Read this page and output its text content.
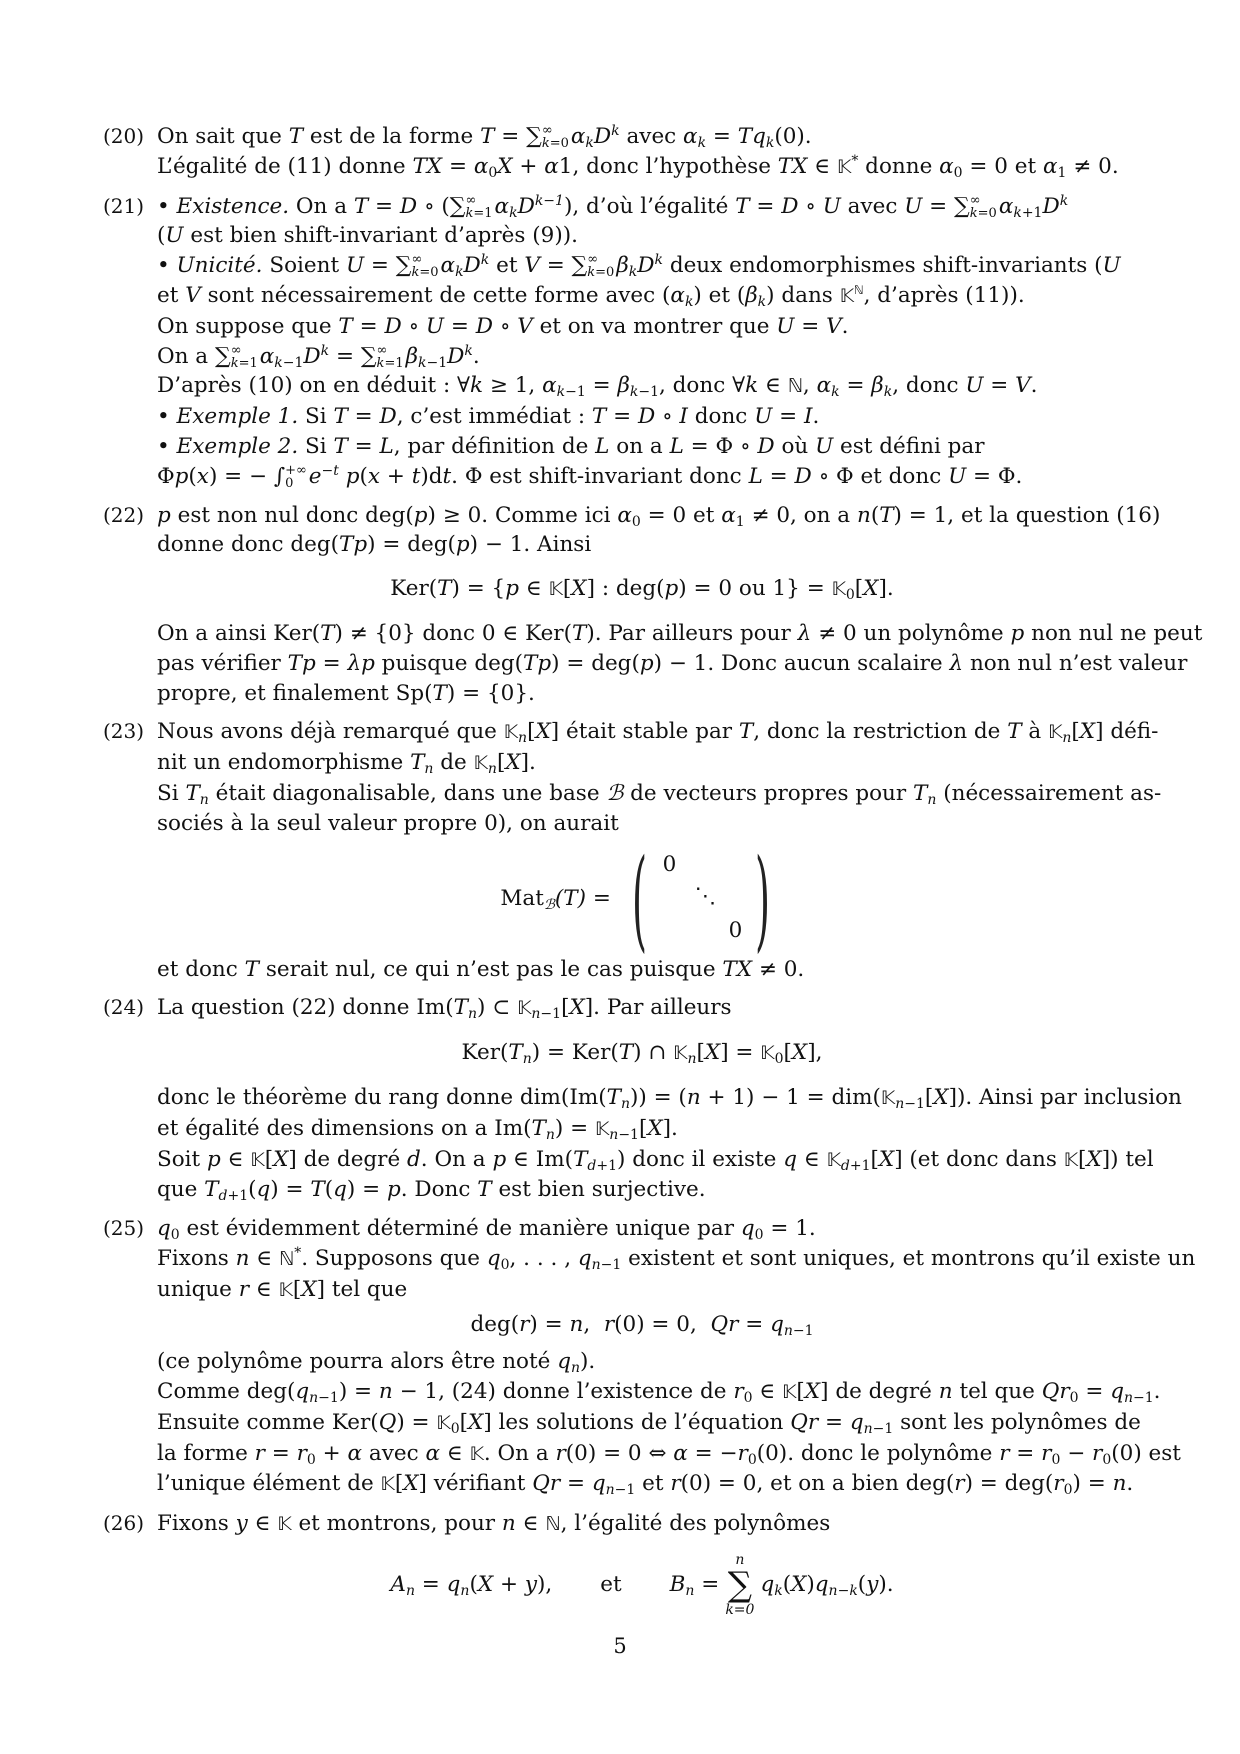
(20) On sait que T est de la forme T = ∑∞
$k=0\alpha_kD^k$ avec $\alpha_k = Tq_k(0)$.
L’égalité de (11) donne TX = $\alpha_0X + \alpha 1$, donc l’hypothèse TX ∈ 𝕂* donne $\alpha_0 = 0$ et $\alpha_1 \ne 0$.
(21) • Existence. On a T = D ∘ (∑∞
$k=1\alpha_kD^{k-1}$), d’où l’égalité T = D ∘ U avec U = ∑∞
$k=0\alpha_{k+1}D^k$
(U est bien shift-invariant d’après (9)).
• Unicité. Soient U = ∑∞
$k=0\alpha_kD^k$ et V = ∑∞
$k=0\beta_kD^k$ deux endomorphismes shift-invariants (U
et V sont nécessairement de cette forme avec $(\alpha_k)$ et $(\beta_k)$ dans 𝕂$^ℕ$, d’après (11)).
On suppose que T = D ∘ U = D ∘ V et on va montrer que U = V.
On a ∑∞
$k=1\alpha_{k-1}D^k$ = ∑∞
$k=1\beta_{k-1}D^k$.
D’après (10) on en déduit : ∀k ≥ 1, $\alpha_{k-1} = \beta_{k-1}$, donc ∀k ∈ ℕ, $\alpha_k = \beta_k$, donc U = V.
• Exemple 1. Si T = D, c’est immédiat : T = D ∘ I donc U = I.
• Exemple 2. Si T = L, par définition de L on a L = Φ ∘ D où U est défini par
Φp(x) = − ∫+∞
0 $e^{-t}$ p(x + t)dt. Φ est shift-invariant donc L = D ∘ Φ et donc U = Φ.
(22) p est non nul donc deg(p) ≥ 0. Comme ici $\alpha_0 = 0$ et $\alpha_1 \ne 0$, on a n(T) = 1, et la question (16)
donne donc deg(Tp) = deg(p) − 1. Ainsi
Ker(T) = {p ∈ 𝕂[X] : deg(p) = 0 ou 1} = 𝕂$_0$[X].
On a ainsi Ker(T) ≠ {0} donc 0 ∈ Ker(T). Par ailleurs pour λ ≠ 0 un polynôme p non nul ne peut
pas vérifier Tp = λp puisque deg(Tp) = deg(p) − 1. Donc aucun scalaire λ non nul n’est valeur
propre, et finalement Sp(T) = {0}.
(23) Nous avons déjà remarqué que 𝕂$_n$[X] était stable par T, donc la restriction de T à 𝕂$_n$[X] défi-
nit un endomorphisme $T_n$ de 𝕂$_n$[X].
Si $T_n$ était diagonalisable, dans une base ℬ de vecteurs propres pour $T_n$ (nécessairement as-
sociés à la seul valeur propre 0), on aurait
Mat$_ℬ$(T) = ( 0
⋱
0 )
et donc T serait nul, ce qui n’est pas le cas puisque TX ≠ 0.
(24) La question (22) donne $Im(T_n)$ ⊂ 𝕂$_{n-1}$[X]. Par ailleurs
$Ker(T_n) = Ker(T)$ ∩ 𝕂$_n$[X] = 𝕂$_0$[X],
donc le théorème du rang donne $dim(Im(T_n)) = (n + 1) - 1$ = dim(𝕂$_{n-1}$[X]). Ainsi par inclusion
et égalité des dimensions on a $Im(T_n)$ = 𝕂$_{n-1}$[X].
Soit p ∈ 𝕂[X] de degré d. On a p ∈ $Im(T_{d+1})$ donc il existe q ∈ 𝕂$_{d+1}$[X] (et donc dans 𝕂[X]) tel
que $T_{d+1}(q) = T(q) = p$. Donc T est bien surjective.
(25) $q_0$ est évidemment déterminé de manière unique par $q_0 = 1$.
Fixons n ∈ ℕ*. Supposons que $q_0$, . . . , $q_{n-1}$ existent et sont uniques, et montrons qu’il existe un
unique r ∈ 𝕂[X] tel que
deg(r) = n,  r(0) = 0,  $Qr = q_{n-1}$
(ce polynôme pourra alors être noté $q_n$).
Comme $deg(q_{n-1}) = n - 1$, (24) donne l’existence de $r_0$ ∈ 𝕂[X] de degré n tel que $Qr_0 = q_{n-1}$.
Ensuite comme Ker(Q) = 𝕂$_0$[X] les solutions de l’équation $Qr = q_{n-1}$ sont les polynômes de
la forme $r = r_0 + \alpha$ avec α ∈ 𝕂. On a r(0) = 0 ⇔ $\alpha = -r_0(0)$. donc le polynôme $r = r_0 - r_0(0)$ est
l’unique élément de 𝕂[X] vérifiant $Qr = q_{n-1}$ et r(0) = 0, et on a bien $deg(r) = deg(r_0) = n$.
(26) Fixons y ∈ 𝕂 et montrons, pour n ∈ ℕ, l’égalité des polynômes
$A_n = q_n(X + y)$, et $B_n$ =
n
∑
k=0
$q_k(X)q_{n-k}(y)$.
5
